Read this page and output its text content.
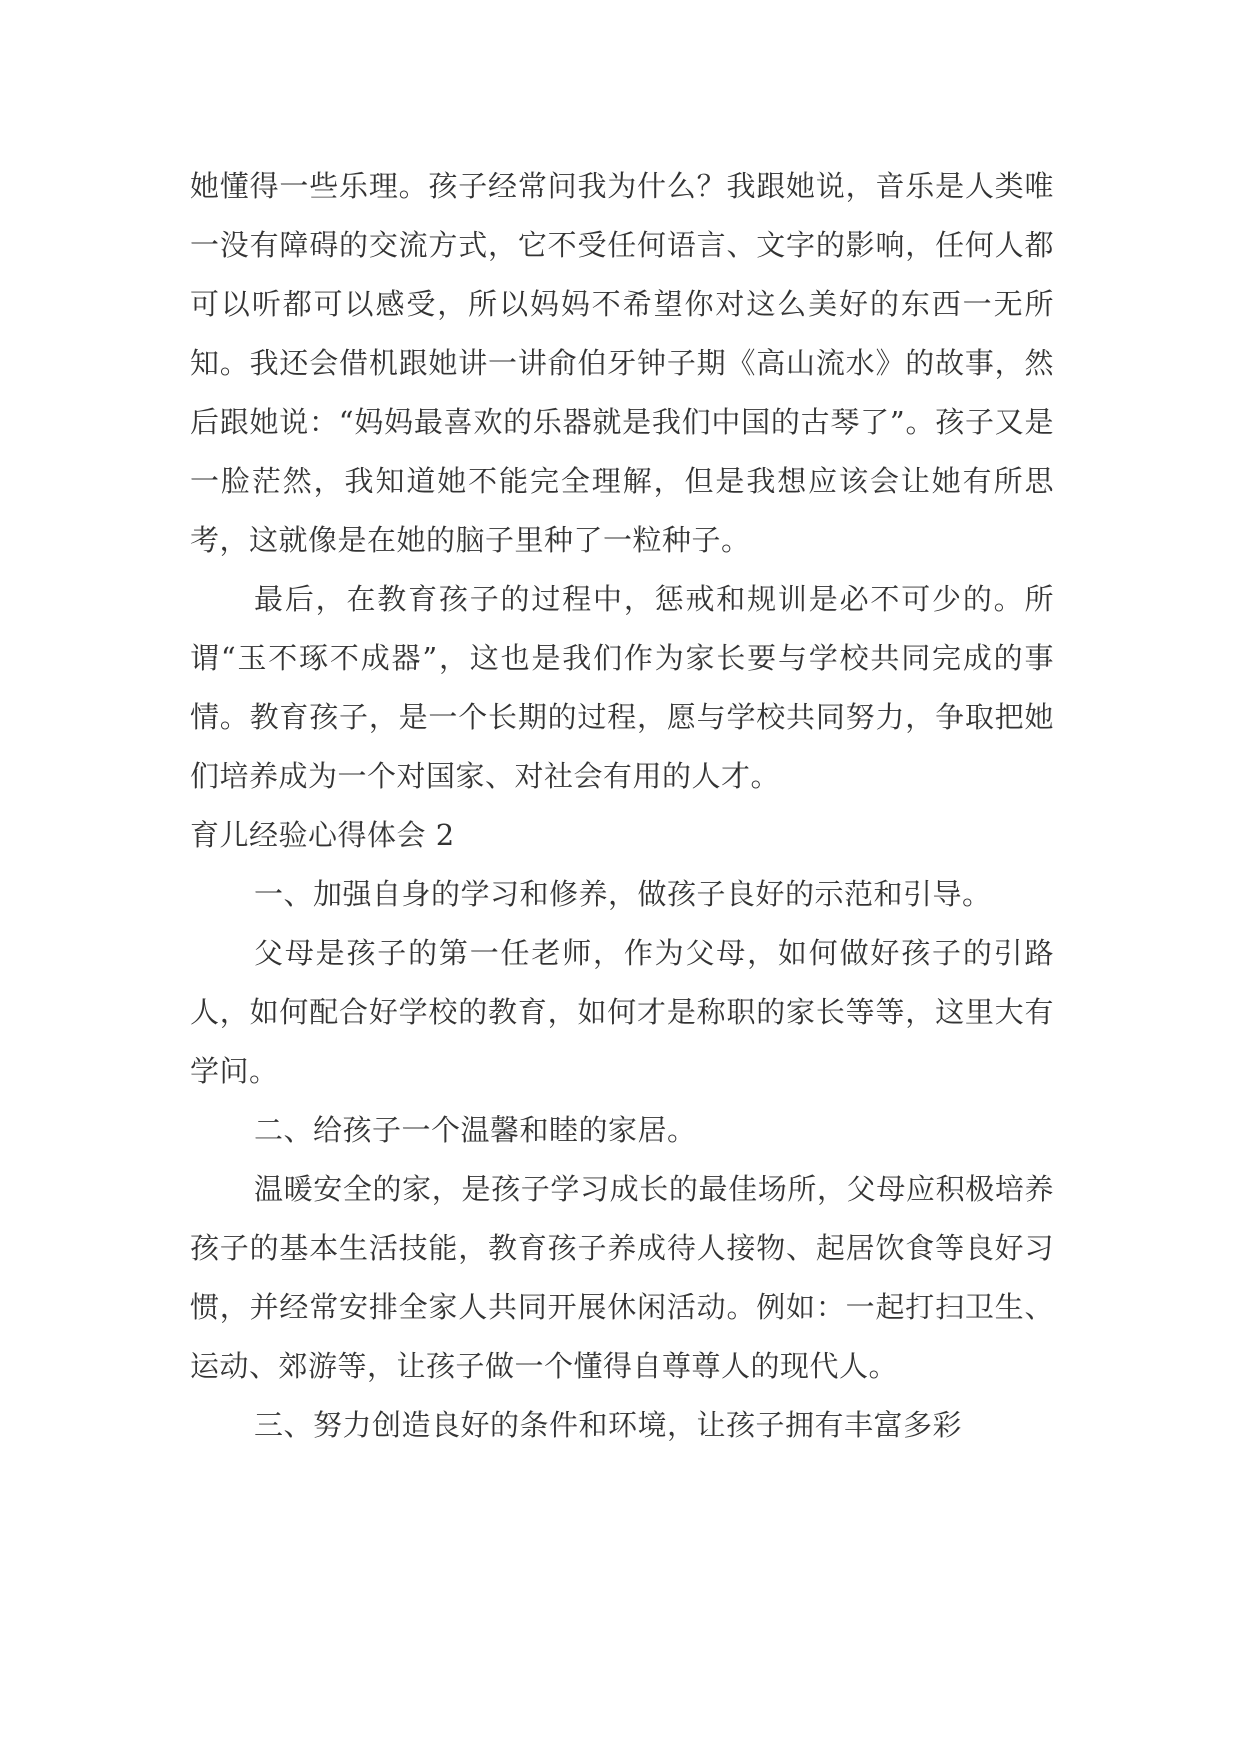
她懂得一些乐理。孩子经常问我为什么？我跟她说，音乐是人类唯一没有障碍的交流方式，它不受任何语言、文字的影响，任何人都可以听都可以感受，所以妈妈不希望你对这么美好的东西一无所知。我还会借机跟她讲一讲俞伯牙钟子期《高山流水》的故事，然后跟她说：“妈妈最喜欢的乐器就是我们中国的古琴了”。孩子又是一脸茫然，我知道她不能完全理解，但是我想应该会让她有所思考，这就像是在她的脑子里种了一粒种子。

最后，在教育孩子的过程中，惩戒和规训是必不可少的。所谓“玉不琢不成器”，这也是我们作为家长要与学校共同完成的事情。教育孩子，是一个长期的过程，愿与学校共同努力，争取把她们培养成为一个对国家、对社会有用的人才。

育儿经验心得体会 2

一、加强自身的学习和修养，做孩子良好的示范和引导。

父母是孩子的第一任老师，作为父母，如何做好孩子的引路人，如何配合好学校的教育，如何才是称职的家长等等，这里大有学问。

二、给孩子一个温馨和睦的家居。

温暖安全的家，是孩子学习成长的最佳场所，父母应积极培养孩子的基本生活技能，教育孩子养成待人接物、起居饮食等良好习惯，并经常安排全家人共同开展休闲活动。例如：一起打扫卫生、运动、郊游等，让孩子做一个懂得自尊尊人的现代人。

三、努力创造良好的条件和环境，让孩子拥有丰富多彩
